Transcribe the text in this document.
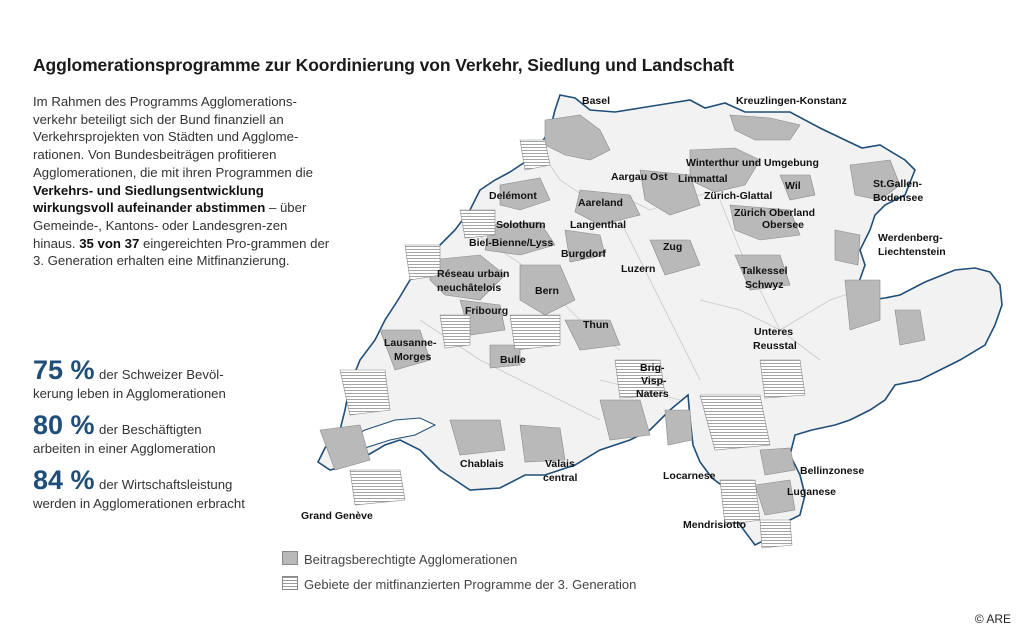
Agglomerationsprogramme zur Koordinierung von Verkehr, Siedlung und Landschaft
Im Rahmen des Programms Agglomerations-verkehr beteiligt sich der Bund finanziell an Verkehrsprojekten von Städten und Agglome-rationen. Von Bundesbeiträgen profitieren Agglomerationen, die mit ihren Programmen die Verkehrs- und Siedlungsentwicklung wirkungsvoll aufeinander abstimmen – über Gemeinde-, Kantons- oder Landesgren-zen hinaus. 35 von 37 eingereichten Pro-grammen der 3. Generation erhalten eine Mitfinanzierung.
75 % der Schweizer Bevöl-
kerung leben in Agglomerationen
80 % der Beschäftigten
arbeiten in einer Agglomeration
84 % der Wirtschaftsleistung
werden in Agglomerationen erbracht
Basel	Kreuzlingen-Konstanz
Winterthur und Umgebung
Aargau Ost Limmattal
Zürich-Glattal
Wil	St.Gallen-
Bodensee
Delémont
Aareland
Zürich Oberland
Obersee
Solothurn Langenthal
Werdenberg-
Liechtenstein
Biel-Bienne/Lyss
Burgdorf
Zug
Réseau urbain
neuchâtelois
Luzern	Talkessel
Schwyz
Bern
Fribourg
Thun
Unteres
Reusstal
Lausanne-
Morges	Bulle
Brig-
Visp-
Naters
Chablais	Valais
central	Locarnese	Bellinzonese
Luganese
Mendrisiotto
Grand Genève
Beitragsberechtigte Agglomerationen
Gebiete der mitfinanzierten Programme der 3. Generation
© ARE
